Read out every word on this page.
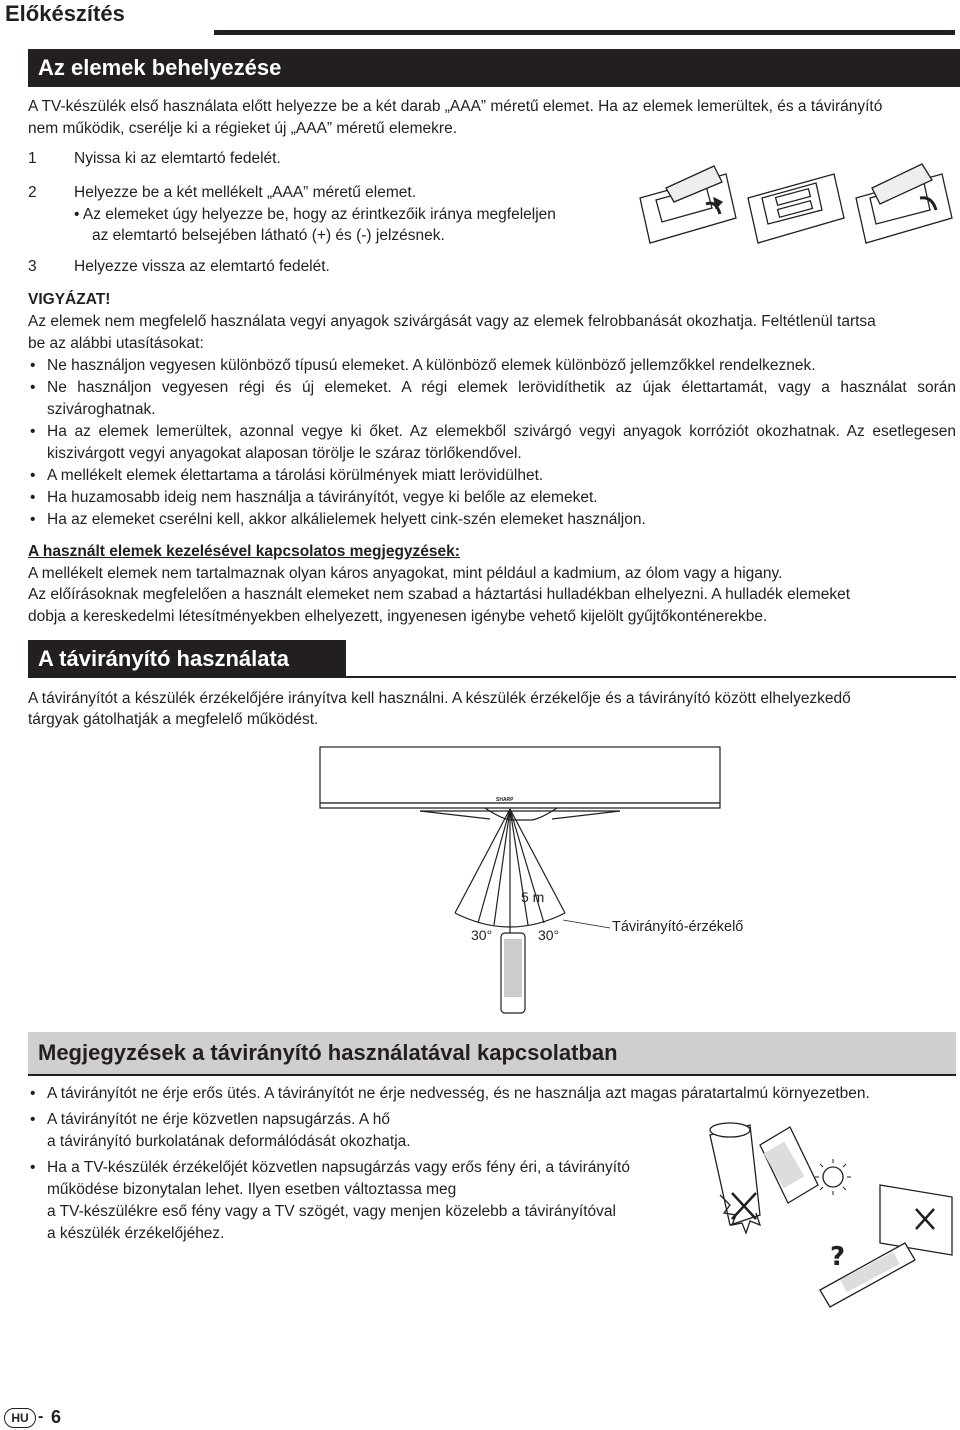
Előkészítés
Az elemek behelyezése

A TV-készülék első használata előtt helyezze be a két darab „AAA” méretű elemet. Ha az elemek lemerültek, és a távirányító

nem működik, cserélje ki a régieket új „AAA” méretű elemekre.

1 Nyissa ki az elemtartó fedelét.

2 Helyezze be a két mellékelt „AAA” méretű elemet.

• Az elemeket úgy helyezze be, hogy az érintkezőik iránya megfeleljen

az elemtartó belsejében látható (+) és (-) jelzésnek.

3 Helyezze vissza az elemtartó fedelét.

VIGYÁZAT!

Az elemek nem megfelelő használata vegyi anyagok szivárgását vagy az elemek felrobbanását okozhatja. Feltétlenül tartsa

be az alábbi utasításokat:

• Ne használjon vegyesen különböző típusú elemeket. A különböző elemek különböző jellemzőkkel rendelkeznek.
• Ne használjon vegyesen régi és új elemeket. A régi elemek lerövidíthetik az újak élettartamát, vagy a használat során szivároghatnak.
• Ha az elemek lemerültek, azonnal vegye ki őket. Az elemekből szivárgó vegyi anyagok korróziót okozhatnak. Az esetlegesen kiszivárgott vegyi anyagokat alaposan törölje le száraz törlőkendővel.
• A mellékelt elemek élettartama a tárolási körülmények miatt lerövidülhet.
• Ha huzamosabb ideig nem használja a távirányítót, vegye ki belőle az elemeket.
• Ha az elemeket cserélni kell, akkor alkálielemek helyett cink-szén elemeket használjon.

A használt elemek kezelésével kapcsolatos megjegyzések:

A mellékelt elemek nem tartalmaznak olyan káros anyagokat, mint például a kadmium, az ólom vagy a higany.

Az előírásoknak megfelelően a használt elemeket nem szabad a háztartási hulladékban elhelyezni. A hulladék elemeket

dobja a kereskedelmi létesítményekben elhelyezett, ingyenesen igénybe vehető kijelölt gyűjtőkonténerekbe.

A távirányító használata

A távirányítót a készülék érzékelőjére irányítva kell használni. A készülék érzékelője és a távirányító között elhelyezkedő

tárgyak gátolhatják a megfelelő működést.

SHARP
5 m
30°	30°	Távirányító-érzékelő
Megjegyzések a távirányító használatával kapcsolatban
• A távirányítót ne érje erős ütés. A távirányítót ne érje nedvesség, és ne használja azt magas páratartalmú környezetben.
• A távirányítót ne érje közvetlen napsugárzás. A hő

a távirányító burkolatának deformálódását okozhatja.

• Ha a TV-készülék érzékelőjét közvetlen napsugárzás vagy erős fény éri, a távirányító

működése bizonytalan lehet. Ilyen esetben változtassa meg

a TV-készülékre eső fény vagy a TV szögét, vagy menjen közelebb a távirányítóval

a készülék érzékelőjéhez.

?
HU - 6
